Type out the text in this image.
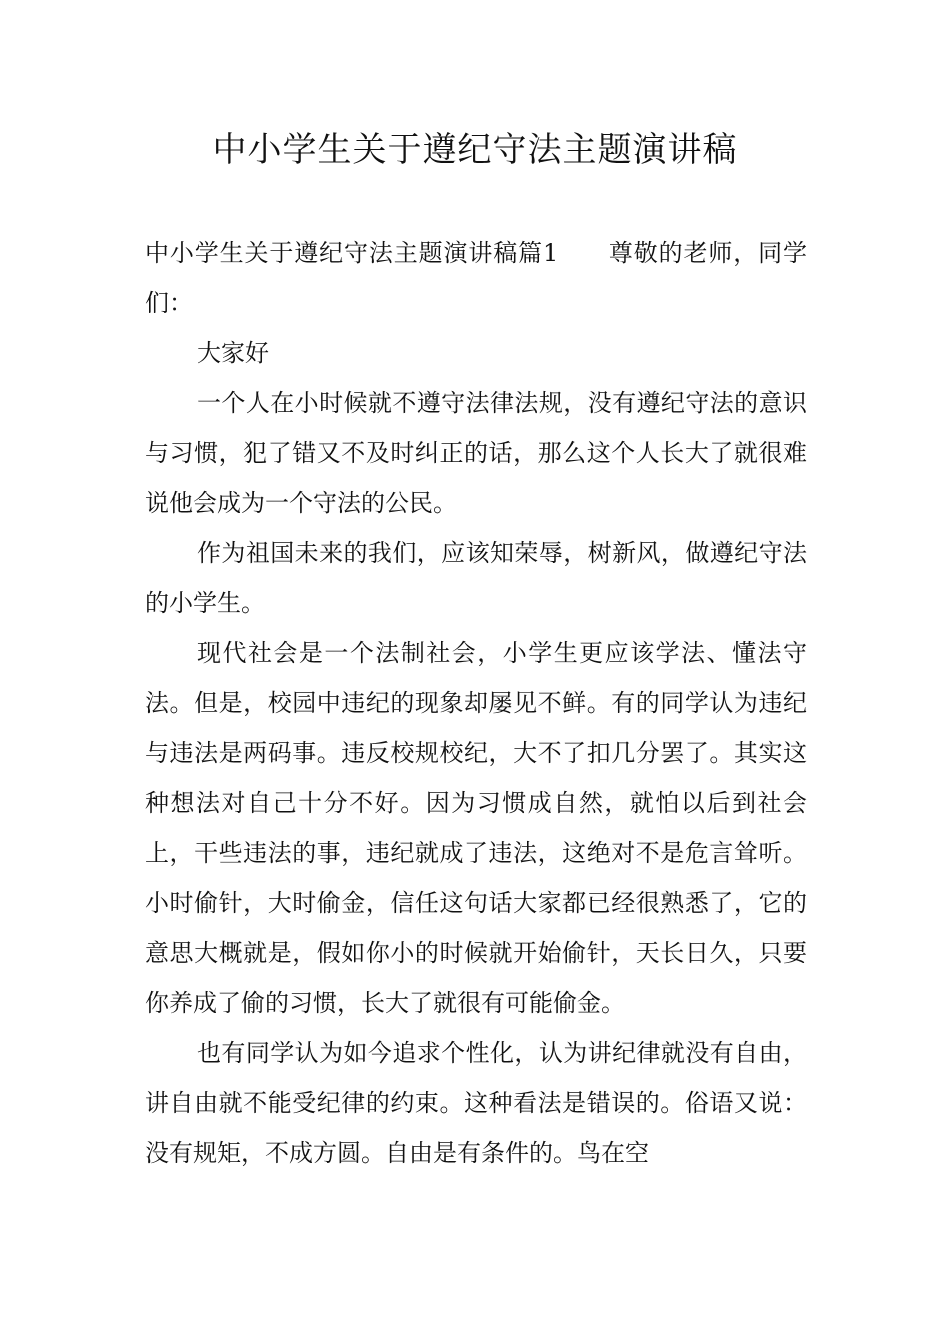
中小学生关于遵纪守法主题演讲稿

中小学生关于遵纪守法主题演讲稿篇1　　尊敬的老师，同学们：

大家好

一个人在小时候就不遵守法律法规，没有遵纪守法的意识与习惯，犯了错又不及时纠正的话，那么这个人长大了就很难说他会成为一个守法的公民。

作为祖国未来的我们，应该知荣辱，树新风，做遵纪守法的小学生。

现代社会是一个法制社会，小学生更应该学法、懂法守法。但是，校园中违纪的现象却屡见不鲜。有的同学认为违纪与违法是两码事。违反校规校纪，大不了扣几分罢了。其实这种想法对自己十分不好。因为习惯成自然，就怕以后到社会上，干些违法的事，违纪就成了违法，这绝对不是危言耸听。 小时偷针，大时偷金，信任这句话大家都已经很熟悉了，它的意思大概就是，假如你小的时候就开始偷针，天长日久，只要你养成了偷的习惯，长大了就很有可能偷金。

也有同学认为如今追求个性化，认为讲纪律就没有自由，讲自由就不能受纪律的约束。这种看法是错误的。俗语又说：没有规矩，不成方圆。自由是有条件的。鸟在空
